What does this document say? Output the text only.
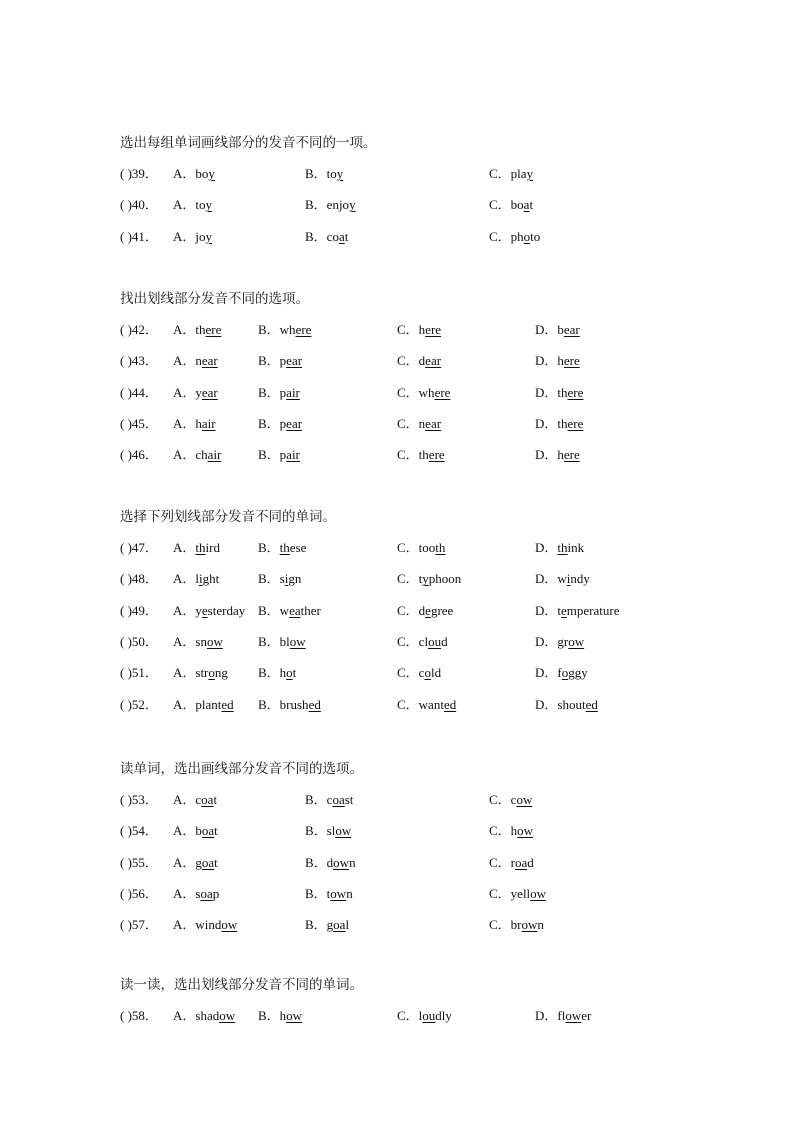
选出每组单词画线部分的发音不同的一项。
( )39． A．boy	B．toy	C．play
( )40． A．toy	B．enjoy	C．boat
( )41． A．joy	B．coat	C．photo
找出划线部分发音不同的选项。
( )42． A．there	B．where	C．here	D．bear
( )43． A．near	B．pear	C．dear	D．here
( )44． A．year	B．pair	C．where	D．there
( )45． A．hair	B．pear	C．near	D．there
( )46． A．chair	B．pair	C．there	D．here
选择下列划线部分发音不同的单词。
( )47． A．third	B．these	C．tooth	D．think
( )48． A．light	B．sign	C．typhoon	D．windy
( )49． A．yesterday B．weather	C．degree	D．temperature
( )50． A．snow	B．blow	C．cloud	D．grow
( )51． A．strong B．hot	C．cold	D．foggy
( )52． A．planted B．brushed	C．wanted	D．shouted
读单词，选出画线部分发音不同的选项。
( )53． A．coat	B．coast	C．cow
( )54． A．boat	B．slow	C．how
( )55． A．goat	B．down	C．road
( )56． A．soap	B．town	C．yellow
( )57． A．window	B．goal	C．brown
读一读，选出划线部分发音不同的单词。
( )58． A．shadow B．how	C．loudly	D．flower
